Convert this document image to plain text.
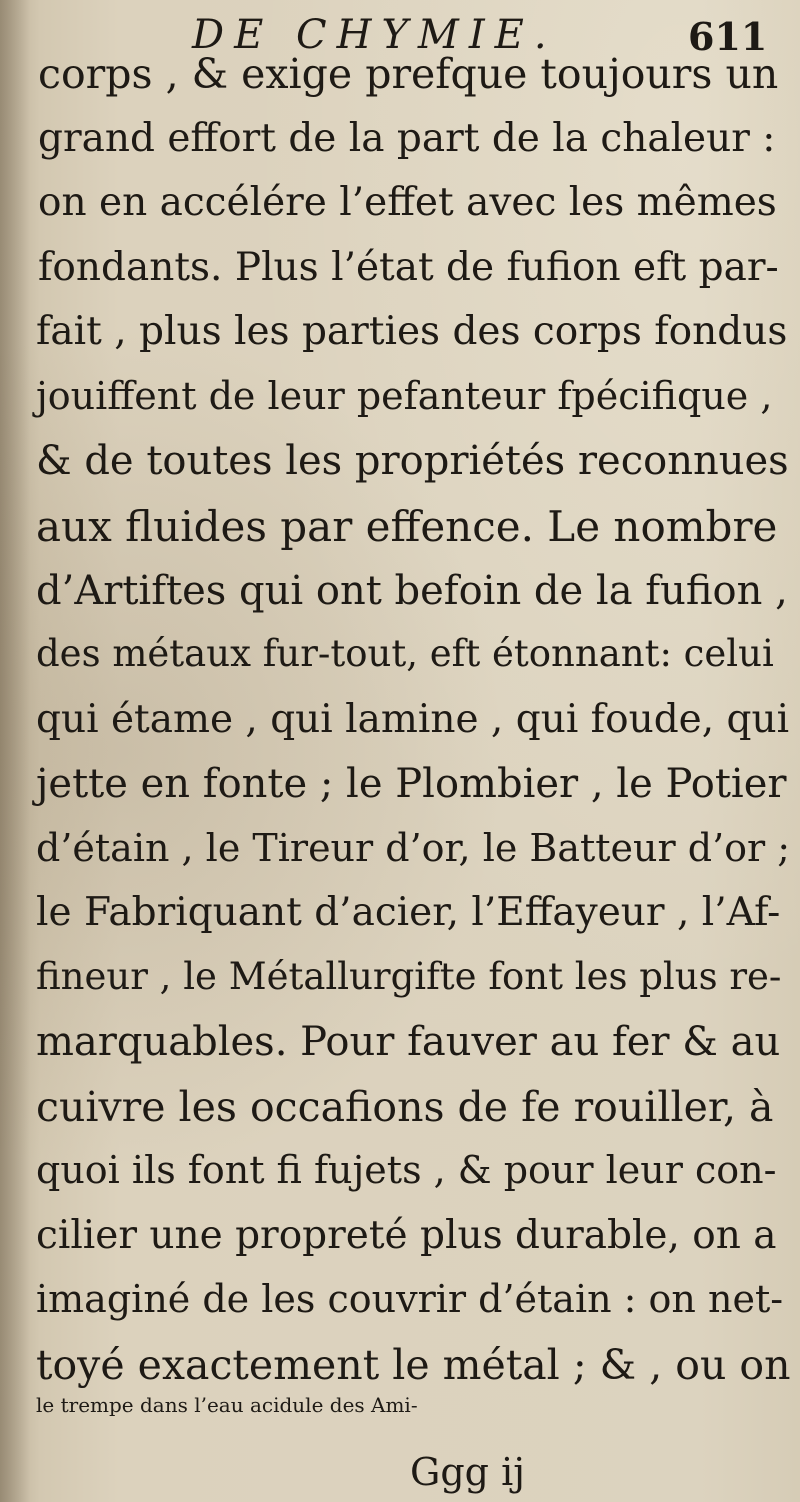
DE CHYMIE.	611
corps , & exige prefque toujours un
grand effort de la part de la chaleur :
on en accélére l’effet avec les mêmes
fondants. Plus l’état de fufion eft par-
fait , plus les parties des corps fondus
jouiffent de leur pefanteur fpécifique ,
& de toutes les propriétés reconnues
aux fluides par effence. Le nombre
d’Artiftes qui ont befoin de la fufion ,
des métaux fur-tout, eft étonnant: celui
qui étame , qui lamine , qui foude, qui
jette en fonte ; le Plombier , le Potier
d’étain , le Tireur d’or, le Batteur d’or ;
le Fabriquant d’acier, l’Effayeur , l’Af-
fineur , le Métallurgifte font les plus re-
marquables. Pour fauver au fer & au
cuivre les occafions de fe rouiller, à
quoi ils font fi fujets , & pour leur con-
cilier une propreté plus durable, on a
imaginé de les couvrir d’étain : on net-
toyé exactement le métal ; & , ou on
le trempe dans l’eau acidule des Ami-
Ggg ij
